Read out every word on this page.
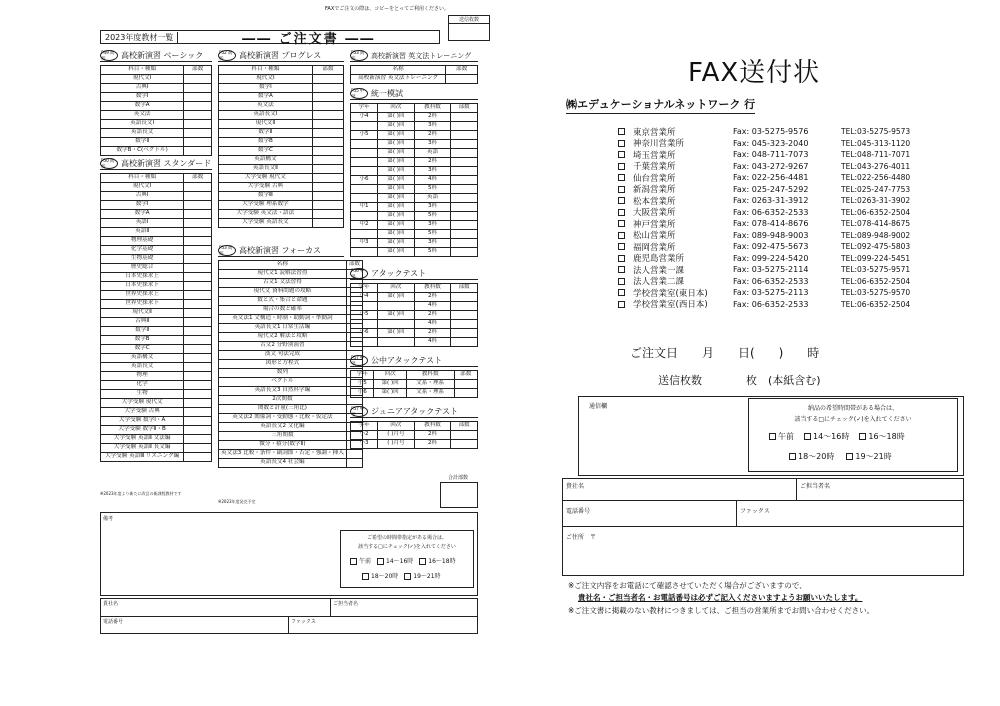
FAXでご注文の際は、コピーをとってご利用ください。
送信枚数
2023年度教材一覧	―― ご注文書 ――
P49 高校	高校新演習 ベーシック
科目・種類	部数
現代文Ⅰ	
古典Ⅰ	
数学Ⅰ	
数学A	
英文法	
英語長文Ⅰ	
英語長文	
数学Ⅱ	
数学B・C(ベクトル)	
P50 高校	高校新演習 スタンダード
科目・種類	部数
現代文Ⅰ	
古典Ⅰ	
数学Ⅰ	
数学A	
英語Ⅰ	
英語Ⅱ	
物理基礎	
化学基礎	
生物基礎	
歴史総合	
日本史探求上	
日本史探求下	
世界史探求上	
世界史探求下	
現代文Ⅱ	
古典Ⅱ	
数学Ⅱ	
数学B	
数学C	
英語構文	
英語長文	
物理	
化学	
生物	
大学受験 現代文	
大学受験 古典	
大学受験 数学Ⅰ・A	
大学受験 数学Ⅱ・B	
大学受験 英語Ⅱ 文法編	
大学受験 英語Ⅱ 長文編	
大学受験 英語Ⅲ リスニング編	
※2023年度より新たに改訂の新課程教材です
P52 高校	高校新演習 プログレス
科目・種類	部数
現代文Ⅰ	
数学Ⅰ	
数学A	
英文法	
英語長文Ⅰ	
現代文Ⅱ	
数学Ⅱ	
数学B	
数学C	
英語構文	
英語長文Ⅱ	
大学受験 現代文	
大学受験 古典	
数学Ⅲ	
大学受験 理系数学	
大学受験 英文法・語法	
大学受験 英語長文	
P53 高校	高校新演習 フォーカス
名称	部数
現代文1 読解法習得	
古文1 文法習得	
現代文 資料問題の攻略	
数と式・集合と命題	
場合の数と確率	
英文法1 文構造・時制・助動詞・準動詞	
英語長文1 日常生活編	
現代文2 解法と攻略	
古文2 分野別演習	
漢文 句法完成	
図形と方程式	
数列	
ベクトル	
英語長文3 自然科学編	
2次関数	
関数と計量(三角比)	
英文法2 関係詞・受動態・比較・仮定法	
英語長文2 文化編	
三角関数	
微分・積分(数学Ⅱ)	
英文法3 比較・条件・副詞節・否定・強調・挿入	
英語長文4 社会編	
※2023年度発売予定
P53 高校	高校新演習 英文法トレーニング
名称	部数
高校新演習 英文法トレーニング	
P55 中学	統一模試
学年	回次	教科数	部数
小4	第( )回	2科	
	第( )回	3科	
小5	第( )回	2科	
	第( )回	3科	
	第( )回	英語	
	第( )回	2科	
	第( )回	3科	
小6	第( )回	4科	
	第( )回	5科	
	第( )回	英語	
中1	第( )回	3科	
	第( )回	5科	
中2	第( )回	3科	
	第( )回	5科	
中3	第( )回	3科	
	第( )回	5科	
P56 中学	アタックテスト
学年	回次	教科数	部数
小4	第( )回	2科	
		4科	
小5	第( )回	2科	
		4科	
小6	第( )回	2科	
		4科	
P57 中学	公中アタックテスト
学年	回次	教科数	部数
小5	第( )回	文系・理系	
小6	第( )回	文系・理系	
P57 中学	ジュニアアタックテスト
学年	回次	教科数	部数
小2	( )月号	2科	
小3	( )月号	2科	
合計部数
備考
ご希望の時間帯指定がある場合は、
該当する□にチェック(✓)を入れてください
午前	14～16時	16～18時
18～20時	19～21時
貴社名	ご担当者名
電話番号	ファックス
FAX送付状
㈱エデュケーショナルネットワーク 行
東京営業所	Fax: 03-5275-9576	TEL:03-5275-9573
神奈川営業所	Fax: 045-323-2040	TEL:045-313-1120
埼玉営業所	Fax: 048-711-7073	TEL:048-711-7071
千葉営業所	Fax: 043-272-9267	TEL:043-276-4011
仙台営業所	Fax: 022-256-4481	TEL:022-256-4480
新潟営業所	Fax: 025-247-5292	TEL:025-247-7753
松本営業所	Fax: 0263-31-3912	TEL:0263-31-3902
大阪営業所	Fax: 06-6352-2533	TEL:06-6352-2504
神戸営業所	Fax: 078-414-8676	TEL:078-414-8675
松山営業所	Fax: 089-948-9003	TEL:089-948-9002
福岡営業所	Fax: 092-475-5673	TEL:092-475-5803
鹿児島営業所	Fax: 099-224-5420	TEL:099-224-5451
法人営業一課	Fax: 03-5275-2114	TEL:03-5275-9571
法人営業二課	Fax: 06-6352-2533	TEL:06-6352-2504
学校営業室(東日本)	Fax: 03-5275-2113	TEL:03-5275-9570
学校営業室(西日本)	Fax: 06-6352-2533	TEL:06-6352-2504
ご注文日　　月　　日(　　)　　時
送信枚数　　　　枚　(本紙含む)
通信欄	納品の希望時間帯がある場合は、
該当する□にチェック(✓)を入れてください
午前	14～16時	16～18時
18～20時	19～21時
貴社名	ご担当者名
電話番号	ファックス
ご住所　〒
※ご注文内容をお電話にて確認させていただく場合がございますので、
貴社名・ご担当者名・お電話番号は必ずご記入くださいますようお願いいたします。
※ご注文書に掲載のない教材につきましては、ご担当の営業所までお問い合わせください。
